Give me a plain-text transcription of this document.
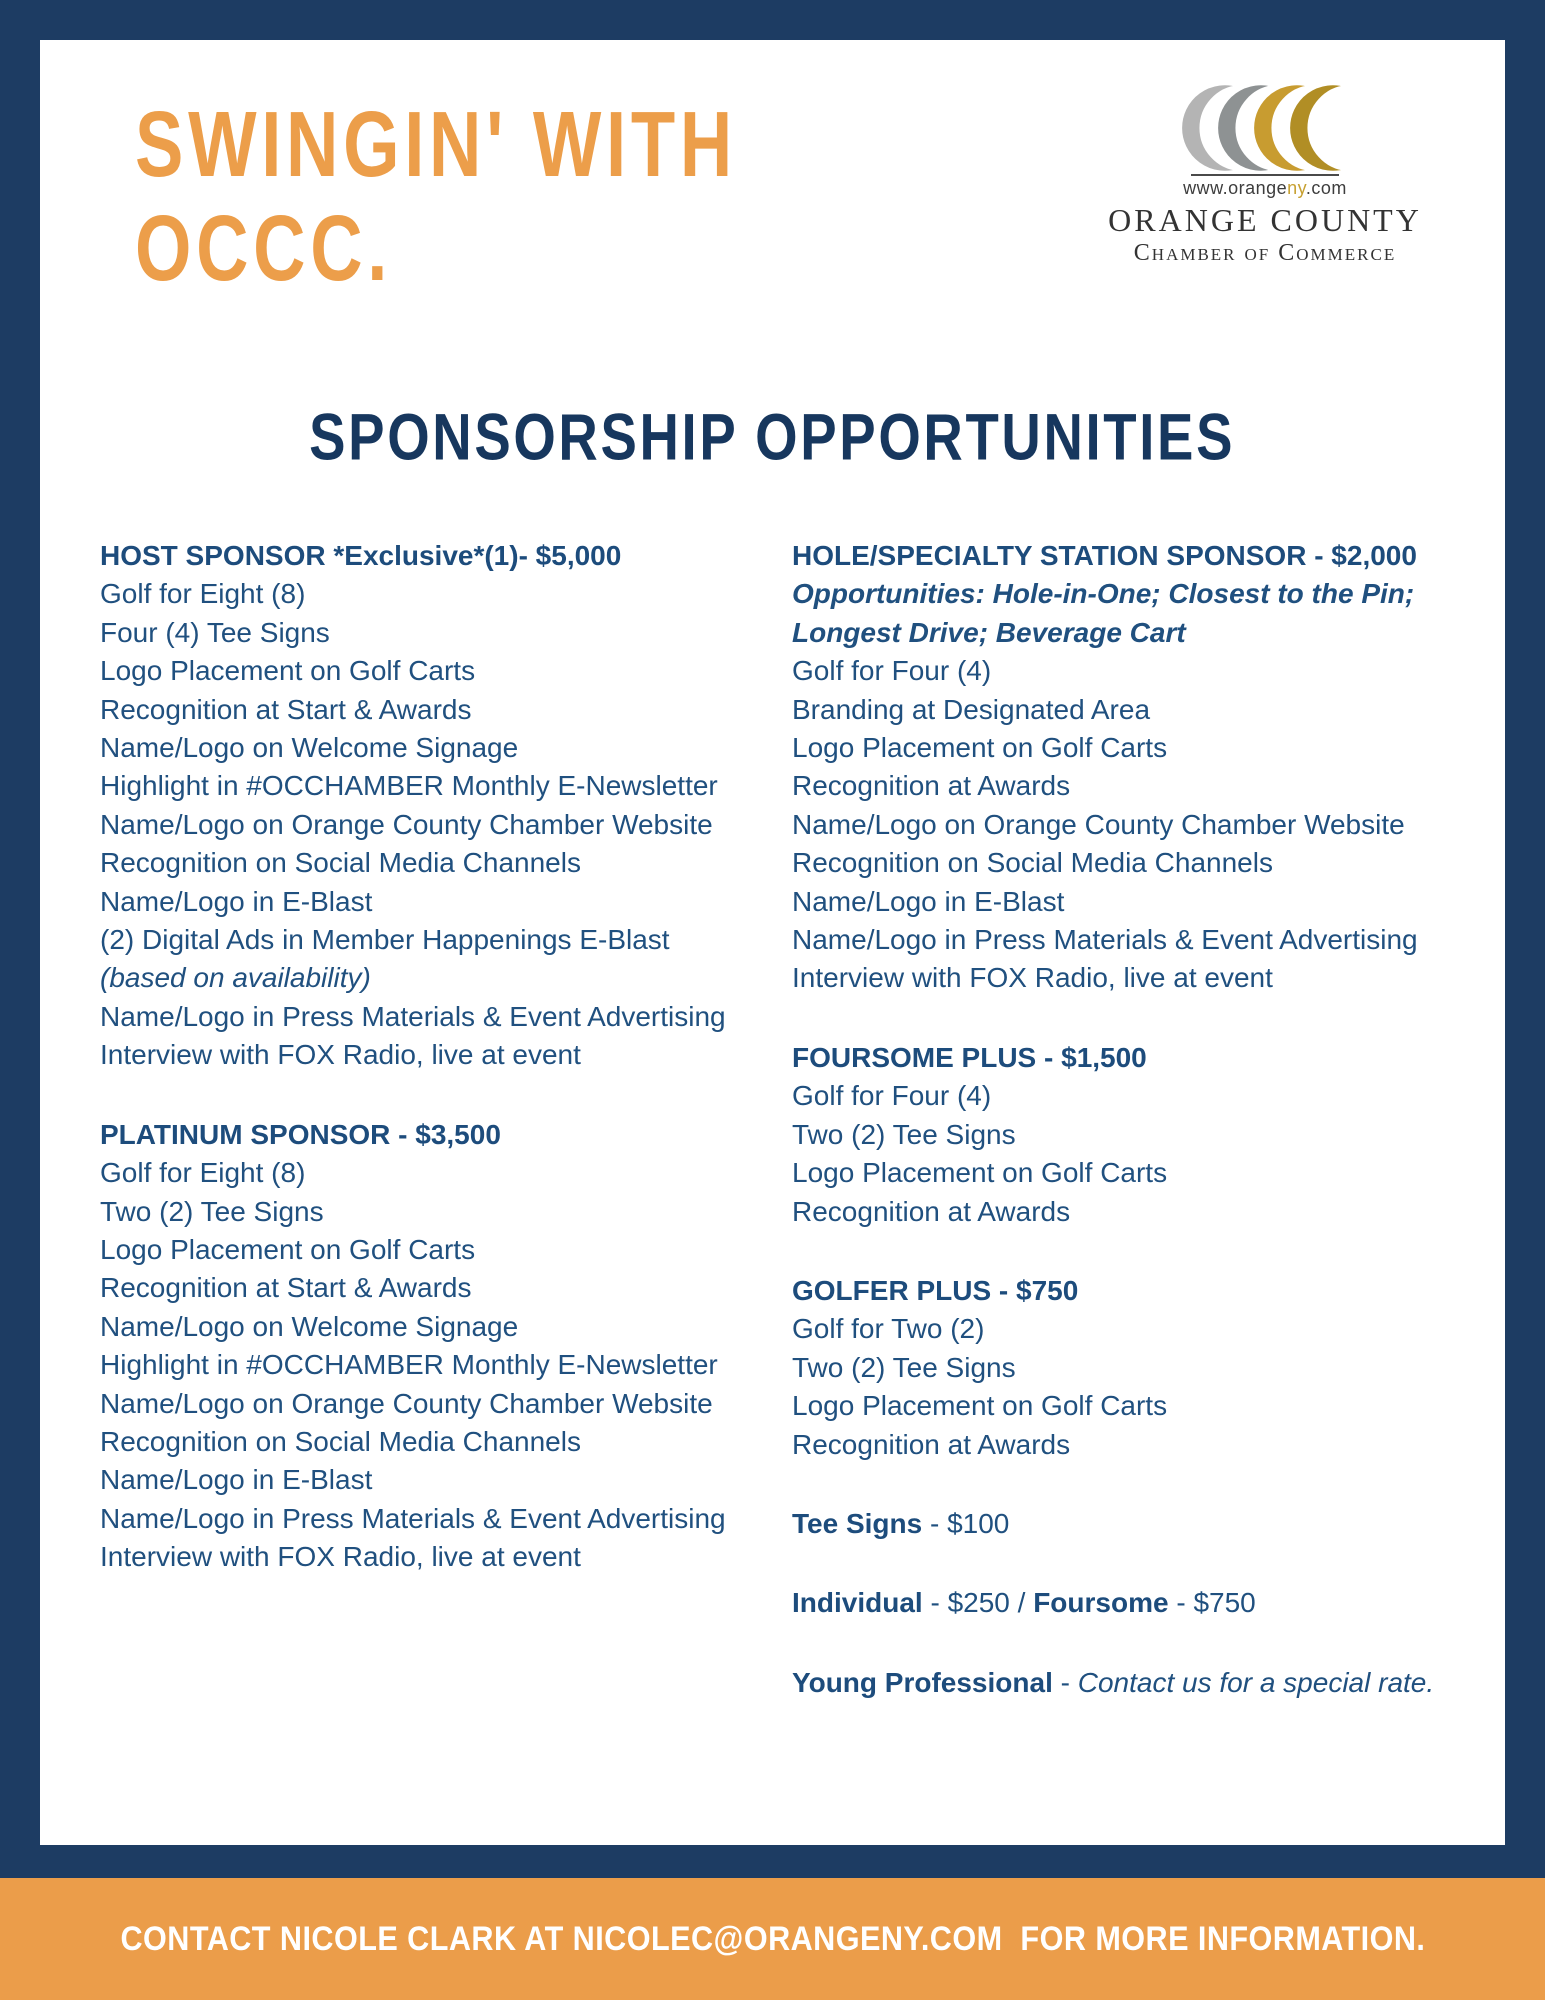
SWINGIN' WITH
OCCC.
www.orangeny.com
ORANGE COUNTY
Chamber of Commerce
SPONSORSHIP OPPORTUNITIES

HOST SPONSOR *Exclusive*(1)- $5,000

Golf for Eight (8)

Four (4) Tee Signs

Logo Placement on Golf Carts

Recognition at Start & Awards

Name/Logo on Welcome Signage

Highlight in #OCCHAMBER Monthly E-Newsletter

Name/Logo on Orange County Chamber Website

Recognition on Social Media Channels

Name/Logo in E-Blast

(2) Digital Ads in Member Happenings E-Blast

(based on availability)

Name/Logo in Press Materials & Event Advertising

Interview with FOX Radio, live at event

PLATINUM SPONSOR - $3,500

Golf for Eight (8)

Two (2) Tee Signs

Logo Placement on Golf Carts

Recognition at Start & Awards

Name/Logo on Welcome Signage

Highlight in #OCCHAMBER Monthly E-Newsletter

Name/Logo on Orange County Chamber Website

Recognition on Social Media Channels

Name/Logo in E-Blast

Name/Logo in Press Materials & Event Advertising

Interview with FOX Radio, live at event

HOLE/SPECIALTY STATION SPONSOR - $2,000

Opportunities: Hole-in-One; Closest to the Pin;

Longest Drive; Beverage Cart

Golf for Four (4)

Branding at Designated Area

Logo Placement on Golf Carts

Recognition at Awards

Name/Logo on Orange County Chamber Website

Recognition on Social Media Channels

Name/Logo in E-Blast

Name/Logo in Press Materials & Event Advertising

Interview with FOX Radio, live at event

FOURSOME PLUS - $1,500

Golf for Four (4)

Two (2) Tee Signs

Logo Placement on Golf Carts

Recognition at Awards

GOLFER PLUS - $750

Golf for Two (2)

Two (2) Tee Signs

Logo Placement on Golf Carts

Recognition at Awards

Tee Signs - $100

Individual - $250 / Foursome - $750

Young Professional - Contact us for a special rate.

CONTACT NICOLE CLARK AT NICOLEC@ORANGENY.COM  FOR MORE INFORMATION.
